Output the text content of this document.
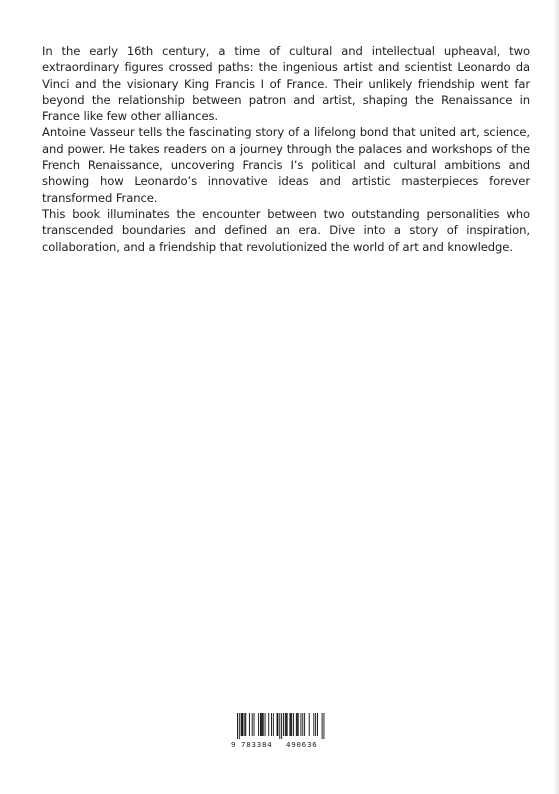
In the early 16th century, a time of cultural and intellectual upheaval, two extraordinary figures crossed paths: the ingenious artist and scientist Leonardo da Vinci and the visionary King Francis I of France. Their unlikely friendship went far beyond the relationship between patron and artist, shaping the Renaissance in France like few other alliances.

Antoine Vasseur tells the fascinating story of a lifelong bond that united art, science, and power. He takes readers on a journey through the palaces and workshops of the French Renaissance, uncovering Francis I’s political and cultural ambitions and showing how Leonardo’s innovative ideas and artistic masterpieces forever transformed France.

This book illuminates the encounter between two outstanding personalities who transcended boundaries and defined an era. Dive into a story of inspiration, collaboration, and a friendship that revolutionized the world of art and knowledge.

9 783384 490636
